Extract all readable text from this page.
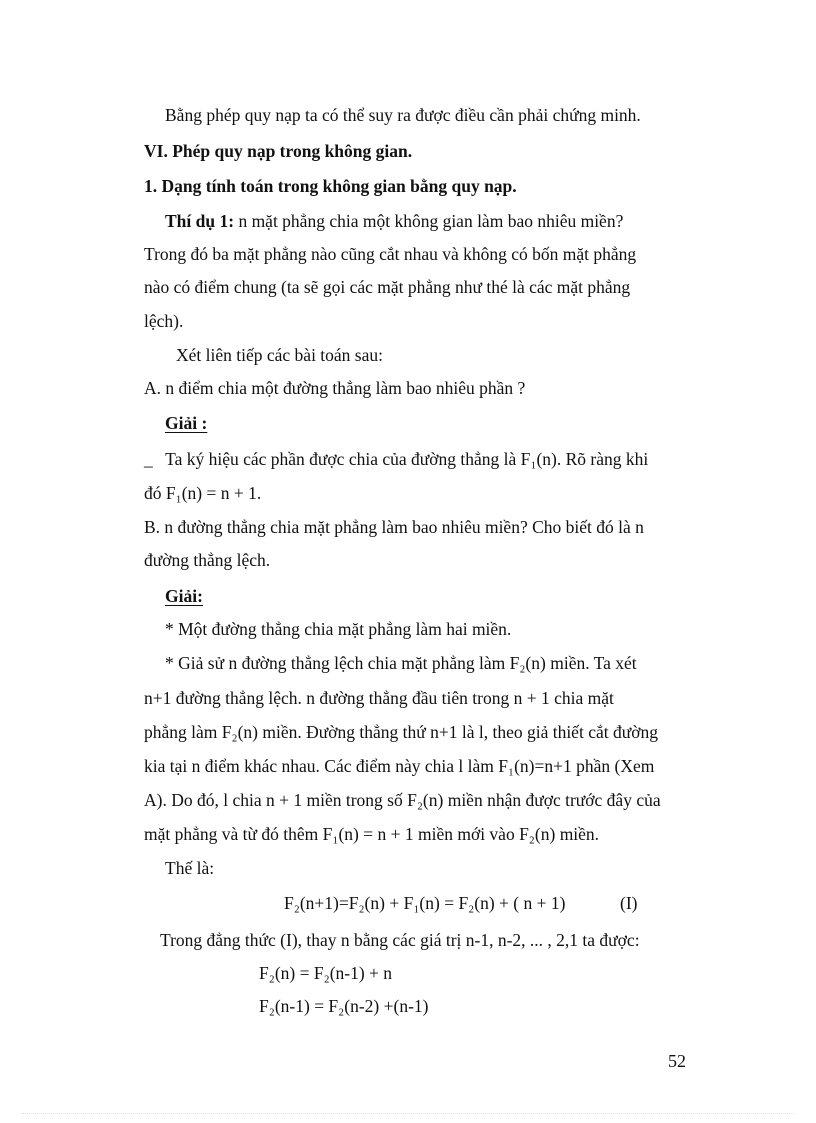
Bằng phép quy nạp ta có thể suy ra được điều cần phải chứng minh.

VI. Phép quy nạp trong không gian.

1. Dạng tính toán trong không gian bằng quy nạp.

Thí dụ 1: n mặt phẳng chia một không gian làm bao nhiêu miền?

Trong đó ba mặt phẳng nào cũng cắt nhau và không có bốn mặt phẳng

nào có điểm chung (ta sẽ gọi các mặt phẳng như thé là các mặt phẳng

lệch).

Xét liên tiếp các bài toán sau:

A. n điểm chia một đường thẳng làm bao nhiêu phần ?

Giải :

_ Ta ký hiệu các phần được chia của đường thẳng là F₁(n). Rõ ràng khi

đó F₁(n) = n + 1.

B. n đường thẳng chia mặt phẳng làm bao nhiêu miền? Cho biết đó là n

đường thẳng lệch.

Giải:

* Một đường thẳng chia mặt phẳng làm hai miền.

* Giả sử n đường thẳng lệch chia mặt phẳng làm F₂(n) miền. Ta xét

n+1 đường thẳng lệch. n đường thẳng đầu tiên trong n + 1 chia mặt

phẳng làm F₂(n) miền. Đường thẳng thứ n+1 là l, theo giả thiết cắt đường

kia tại n điểm khác nhau. Các điểm này chia l làm F₁(n)=n+1 phần (Xem

A). Do đó, l chia n + 1 miền trong số F₂(n) miền nhận được trước đây của

mặt phẳng và từ đó thêm F₁(n) = n + 1 miền mới vào F₂(n) miền.

Thế là:

F₂(n+1)=F₂(n) + F₁(n) = F₂(n) + ( n + 1)	(I)

Trong đẳng thức (I), thay n bằng các giá trị n-1, n-2, ... , 2,1 ta được:

F₂(n) = F₂(n-1) + n

F₂(n-1) = F₂(n-2) +(n-1)

52
